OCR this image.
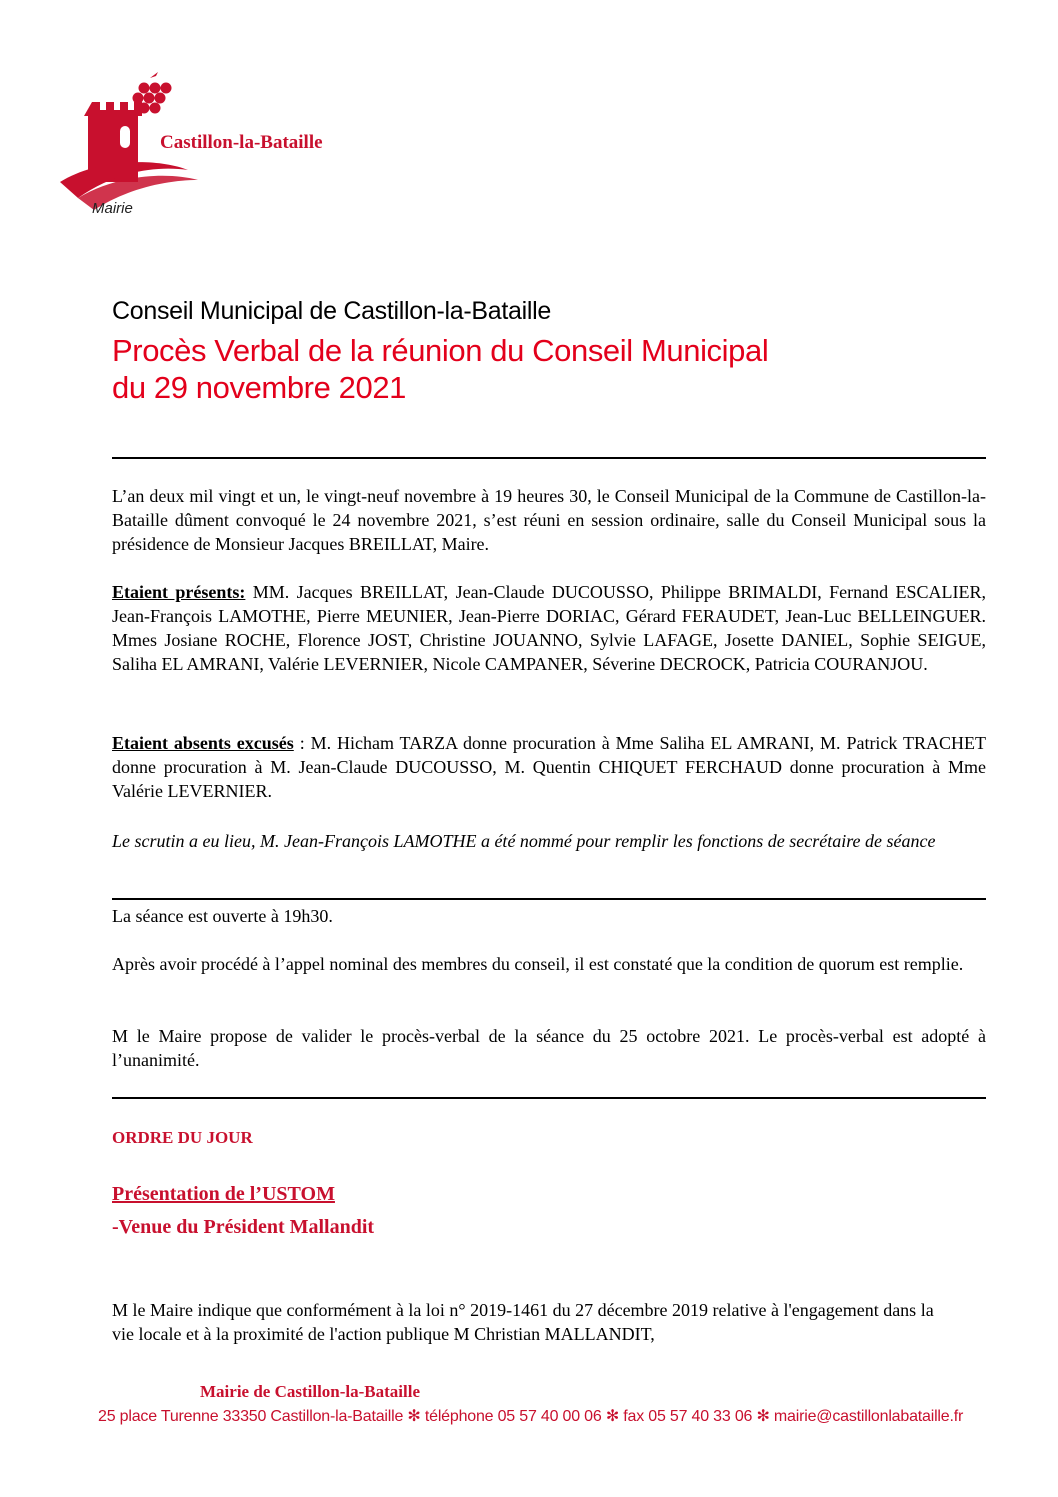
Castillon-la-Bataille
Mairie
Conseil Municipal de Castillon-la-Bataille
Procès Verbal de la réunion du Conseil Municipal
du 29 novembre 2021
L’an deux mil vingt et un, le vingt-neuf novembre à 19 heures 30, le Conseil Municipal de la Commune de Castillon-la-Bataille dûment convoqué le 24 novembre 2021, s’est réuni en session ordinaire, salle du Conseil Municipal sous la présidence de Monsieur Jacques BREILLAT, Maire.
Etaient présents: MM. Jacques BREILLAT, Jean-Claude DUCOUSSO, Philippe BRIMALDI, Fernand ESCALIER, Jean-François LAMOTHE, Pierre MEUNIER, Jean-Pierre DORIAC, Gérard FERAUDET, Jean-Luc BELLEINGUER. Mmes Josiane ROCHE, Florence JOST, Christine JOUANNO, Sylvie LAFAGE, Josette DANIEL, Sophie SEIGUE, Saliha EL AMRANI, Valérie LEVERNIER, Nicole CAMPANER, Séverine DECROCK, Patricia COURANJOU.
Etaient absents excusés : M. Hicham TARZA donne procuration à Mme Saliha EL AMRANI, M. Patrick TRACHET donne procuration à M. Jean-Claude DUCOUSSO, M. Quentin CHIQUET FERCHAUD donne procuration à Mme Valérie LEVERNIER.
Le scrutin a eu lieu, M. Jean-François LAMOTHE a été nommé pour remplir les fonctions de secrétaire de séance
La séance est ouverte à 19h30.
Après avoir procédé à l’appel nominal des membres du conseil, il est constaté que la condition de quorum est remplie.
M le Maire propose de valider le procès-verbal de la séance du 25 octobre 2021. Le procès-verbal est adopté à l’unanimité.
ORDRE DU JOUR
Présentation de l’USTOM
-Venue du Président Mallandit
M le Maire indique que conformément à la loi n° 2019-1461 du 27 décembre 2019 relative à l'engagement dans la vie locale et à la proximité de l'action publique M Christian MALLANDIT,
Mairie de Castillon-la-Bataille
25 place Turenne 33350 Castillon-la-Bataille ✻ téléphone 05 57 40 00 06 ✻ fax 05 57 40 33 06 ✻ mairie@castillonlabataille.fr
